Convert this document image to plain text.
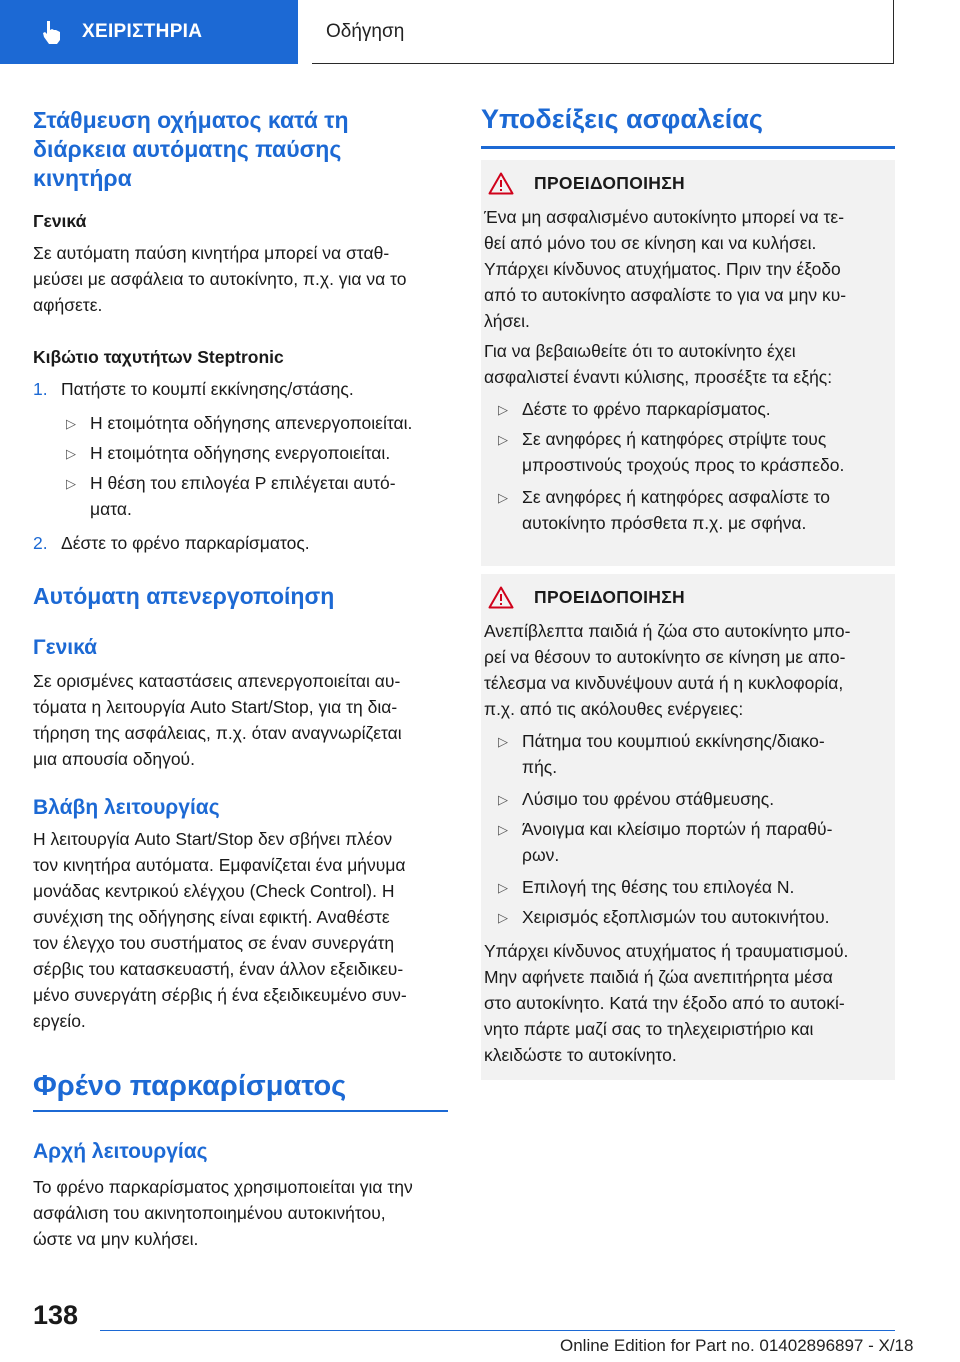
ΧΕΙΡΙΣΤΗΡΙΑ	Οδήγηση
Στάθμευση οχήματος κατά τη
διάρκεια αυτόματης παύσης
κινητήρα
Γενικά
Σε αυτόματη παύση κινητήρα μπορεί να σταθ-
μεύσει με ασφάλεια το αυτοκίνητο, π.χ. για να το
αφήσετε.
Κιβώτιο ταχυτήτων Steptronic
1. Πατήστε το κουμπί εκκίνησης/στάσης.
▷ Η ετοιμότητα οδήγησης απενεργοποιείται.
▷ Η ετοιμότητα οδήγησης ενεργοποιείται.
▷ Η θέση του επιλογέα P επιλέγεται αυτό-
ματα.
2. Δέστε το φρένο παρκαρίσματος.
Αυτόματη απενεργοποίηση
Γενικά
Σε ορισμένες καταστάσεις απενεργοποιείται αυ-
τόματα η λειτουργία Auto Start/Stop, για τη δια-
τήρηση της ασφάλειας, π.χ. όταν αναγνωρίζεται
μια απουσία οδηγού.
Βλάβη λειτουργίας
Η λειτουργία Auto Start/Stop δεν σβήνει πλέον
τον κινητήρα αυτόματα. Εμφανίζεται ένα μήνυμα
μονάδας κεντρικού ελέγχου (Check Control). Η
συνέχιση της οδήγησης είναι εφικτή. Αναθέστε
τον έλεγχο του συστήματος σε έναν συνεργάτη
σέρβις του κατασκευαστή, έναν άλλον εξειδικευ-
μένο συνεργάτη σέρβις ή ένα εξειδικευμένο συν-
εργείο.
Φρένο παρκαρίσματος
Αρχή λειτουργίας
Το φρένο παρκαρίσματος χρησιμοποιείται για την
ασφάλιση του ακινητοποιημένου αυτοκινήτου,
ώστε να μην κυλήσει.
Υποδείξεις ασφαλείας
ΠΡΟΕΙΔΟΠΟΙΗΣΗ
Ένα μη ασφαλισμένο αυτοκίνητο μπορεί να τε-
θεί από μόνο του σε κίνηση και να κυλήσει.
Υπάρχει κίνδυνος ατυχήματος. Πριν την έξοδο
από το αυτοκίνητο ασφαλίστε το για να μην κυ-
λήσει.
Για να βεβαιωθείτε ότι το αυτοκίνητο έχει
ασφαλιστεί έναντι κύλισης, προσέξτε τα εξής:
▷ Δέστε το φρένο παρκαρίσματος.
▷ Σε ανηφόρες ή κατηφόρες στρίψτε τους
μπροστινούς τροχούς προς το κράσπεδο.
▷ Σε ανηφόρες ή κατηφόρες ασφαλίστε το
αυτοκίνητο πρόσθετα π.χ. με σφήνα.
ΠΡΟΕΙΔΟΠΟΙΗΣΗ
Ανεπίβλεπτα παιδιά ή ζώα στο αυτοκίνητο μπο-
ρεί να θέσουν το αυτοκίνητο σε κίνηση με απο-
τέλεσμα να κινδυνέψουν αυτά ή η κυκλοφορία,
π.χ. από τις ακόλουθες ενέργειες:
▷ Πάτημα του κουμπιού εκκίνησης/διακο-
πής.
▷ Λύσιμο του φρένου στάθμευσης.
▷ Άνοιγμα και κλείσιμο πορτών ή παραθύ-
ρων.
▷ Επιλογή της θέσης του επιλογέα N.
▷ Χειρισμός εξοπλισμών του αυτοκινήτου.
Υπάρχει κίνδυνος ατυχήματος ή τραυματισμού.
Μην αφήνετε παιδιά ή ζώα ανεπιτήρητα μέσα
στο αυτοκίνητο. Κατά την έξοδο από το αυτοκί-
νητο πάρτε μαζί σας το τηλεχειριστήριο και
κλειδώστε το αυτοκίνητο.
138
Online Edition for Part no. 01402896897 - X/18
